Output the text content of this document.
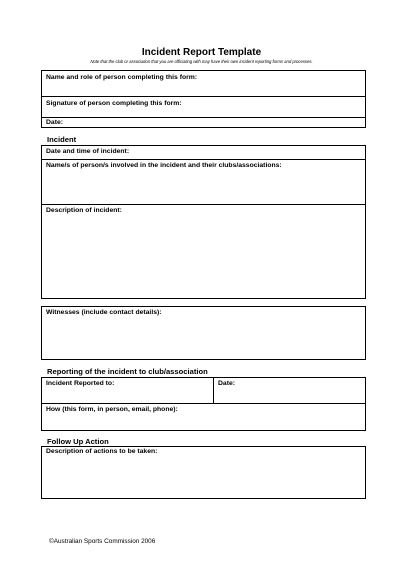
Incident Report Template
Note that the club or association that you are officiating with may have their own incident reporting forms and processes.
Name and role of person completing this form:
Signature of person completing this form:
Date:
Incident
Date and time of incident:
Name/s of person/s involved in the incident and their clubs/associations:
Description of incident:
Witnesses (include contact details):
Reporting of the incident to club/association
Incident Reported to:	Date:
How (this form, in person, email, phone):
Follow Up Action
Description of actions to be taken:
©Australian Sports Commission 2006
